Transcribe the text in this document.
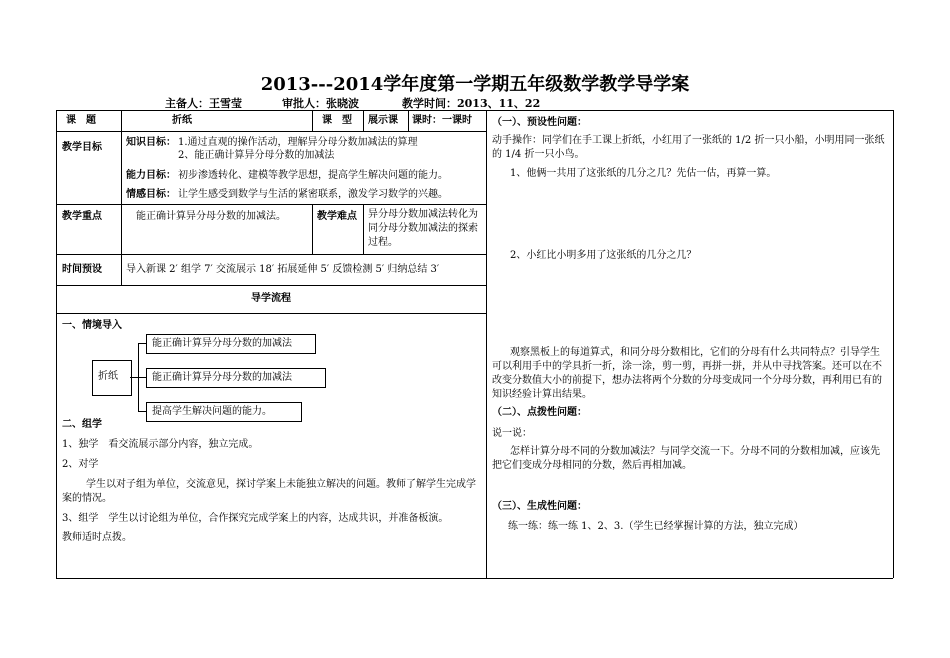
2013---2014学年度第一学期五年级数学教学导学案
主备人：王雪莹	审批人：张晓波	教学时间：2013、11、22
课　题	折纸	课　型 展示课 课时：一课时
教学目标 知识目标： 1.通过直观的操作活动，理解异分母分数加减法的算理
2、能正确计算异分母分数的加减法
能力目标： 初步渗透转化、建模等教学思想，提高学生解决问题的能力。
情感目标： 让学生感受到数学与生活的紧密联系，激发学习数学的兴趣。
教学重点	能正确计算异分母分数的加减法。	教学难点 异分母分数加减法转化为同分母分数加减法的探索过程。
时间预设 导入新课 2′ 组学 7′ 交流展示 18′ 拓展延伸 5′ 反馈检测 5′ 归纳总结 3′
导学流程
一、情境导入
折纸
能正确计算异分母分数的加减法
能正确计算异分母分数的加减法
提高学生解决问题的能力。
二、组学
1、独学　看交流展示部分内容，独立完成。
2、对学
学生以对子组为单位，交流意见，探讨学案上未能独立解决的问题。教师了解学生完成学案的情况。
3、组学　学生以讨论组为单位，合作探究完成学案上的内容，达成共识，并准备板演。
教师适时点拨。
（一）、预设性问题：
动手操作：同学们在手工课上折纸，小红用了一张纸的 1/2 折一只小船，小明用同一张纸的 1/4 折一只小鸟。
1、他俩一共用了这张纸的几分之几？先估一估，再算一算。
2、小红比小明多用了这张纸的几分之几？
观察黑板上的每道算式，和同分母分数相比，它们的分母有什么共同特点？引导学生可以利用手中的学具折一折，涂一涂，剪一剪，再拼一拼，并从中寻找答案。还可以在不改变分数值大小的前提下，想办法将两个分数的分母变成同一个分母分数，再利用已有的知识经验计算出结果。
（二）、点拨性问题：
说一说：
怎样计算分母不同的分数加减法？与同学交流一下。分母不同的分数相加减，应该先把它们变成分母相同的分数，然后再相加减。
（三）、生成性问题：
练一练：练一练 1、2、3.（学生已经掌握计算的方法，独立完成）
